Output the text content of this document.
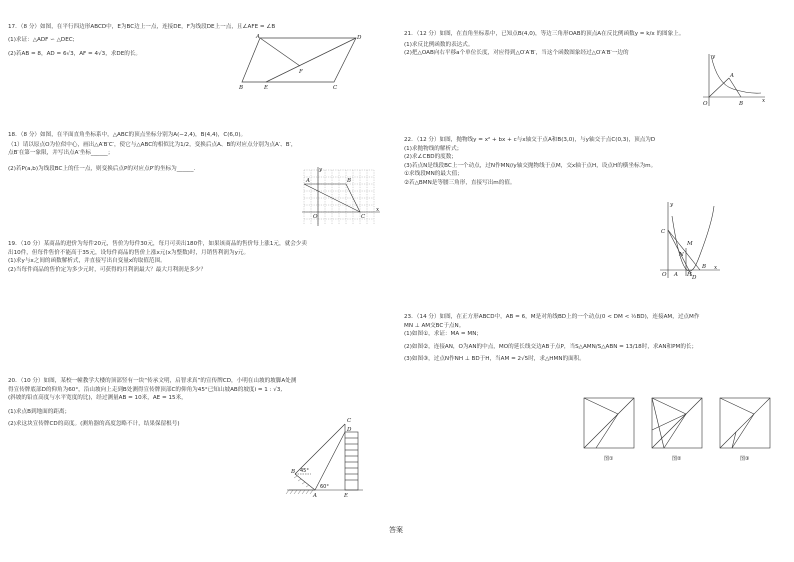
17．（8 分）如图，在平行四边形ABCD中，E为BC边上一点，连接DE，F为线段DE上一点，且∠AFE = ∠B
(1)求证：△ADF ∽ △DEC;
(2)若AB = 8，AD = 6√3，AF = 4√3，求DE的长。
A	D
F
B	E	C
18．（8 分）如图，在平面直角坐标系中，△ABC的顶点坐标分别为A(−2,4)，B(4,4)，C(6,0)。
（1）请以原点O为位似中心，画出△A′B′C′，使它与△ABC的相似比为1/2，变换后点A、B的对应点分别为点A′、B′，
点B′在第一象限，并写出点A′坐标______；
(2)若P(a,b)为线段BC上的任一点，则变换后点P的对应点P′的坐标为______.	y
A	B
O	C
x
19．（10 分）某商品的进价为每件20元，售价为每件30元，每月可卖出180件，如果该商品的售价每上涨1元，就会少卖
出10件，但每件售价不能高于35元，设每件商品的售价上涨x元(x为整数)时，月销售利润为y元。
(1)求y与x之间的函数解析式，并直接写出自变量x的取值范围。
(2)当每件商品的售价定为多少元时，可获得的月利润最大？最大月利润是多少？
20．（10 分）如图，某校一幢教学大楼的顶部竖有一块“传承文明，启智求真”的宣传牌CD，小明在山坡的坡脚A处测
得宣传牌底部D的仰角为60°，沿山坡向上走到B处测得宣传牌顶部C的仰角为45°已知山坡AB的坡度i = 1 : √3,
(斜坡的铅直高度与水平宽度的比)，经过测量AB = 10米，AE = 15米，
(1)求点B到地面的距离；
(2)求这块宣传牌CD的高度。(测角器的高度忽略不计，结果保留根号)
C
D
B 45°
60°
A	E
21．（12 分）如图，在直角坐标系中，已知点B(4,0)，等边三角形OAB的顶点A在反比例函数y = k/x 的图象上。
(1)求反比例函数的表达式。
(2)把△OAB向右平移a个单位长度，对应得到△O′A′B′，当这个函数图象经过△O′A′B′一边的
y
A
O	B	x
22．（12 分）如图，抛物线y = x² + bx + c与x轴交于点A和B(3,0)，与y轴交于点C(0,3)，顶点为D
(1)求抛物线的解析式；
(2)求∠CBD的度数；
(3)若点N是线段BC上一个动点，过N作MN//y轴交抛物线于点M，交x轴于点H，设点H的横坐标为m。
①求线段MN的最大值；
②若△BMN是等腰三角形，直接写出m的值。
y
C
M
N
O A H
B
D
x
23．（14 分）如图，在正方形ABCD中，AB = 6，M是对角线BD上的一个动点(0 < DM < ½BD)，连接AM，过点M作
MN ⊥ AM交BC于点N。
(1)如图①，求证：MA = MN；
(2)如图②，连接AN，O为AN的中点，MO的延长线交边AB于点P，当S△AMN/S△ABN = 13/18时，求AN和PM的长；
(3)如图③，过点N作NH ⊥ BD于H，当AM = 2√5时，求△HMN的面积。
图①	图②	图③
答案
